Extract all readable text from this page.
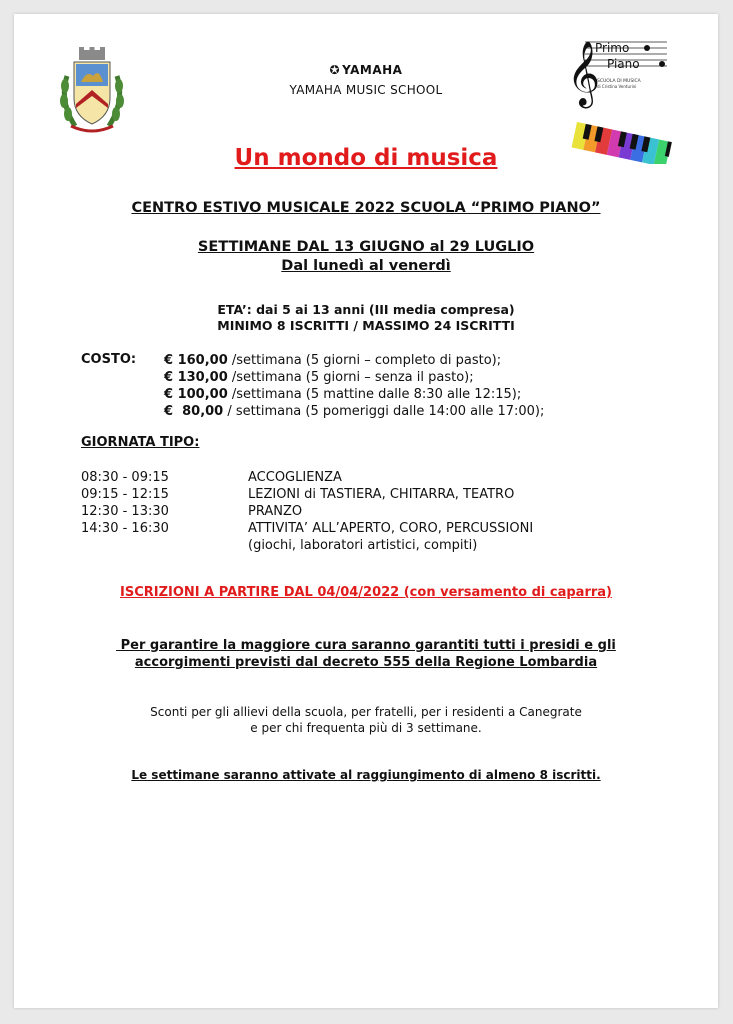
✪ YAMAHA
YAMAHA MUSIC SCHOOL	𝄞
Primo
Piano
SCUOLA DI MUSICA
di Cristina Venturini
Un mondo di musica
CENTRO ESTIVO MUSICALE 2022 SCUOLA “PRIMO PIANO”
SETTIMANE DAL 13 GIUGNO al 29 LUGLIO
Dal lunedì al venerdì
ETA’: dai 5 ai 13 anni (III media compresa)
MINIMO 8 ISCRITTI / MASSIMO 24 ISCRITTI
COSTO: € 160,00 /settimana (5 giorni – completo di pasto);
€ 130,00 /settimana (5 giorni – senza il pasto);
€ 100,00 /settimana (5 mattine dalle 8:30 alle 12:15);
€  80,00 / settimana (5 pomeriggi dalle 14:00 alle 17:00);
GIORNATA TIPO:
08:30 - 09:15	ACCOGLIENZA
09:15 - 12:15	LEZIONI di TASTIERA, CHITARRA, TEATRO
12:30 - 13:30	PRANZO
14:30 - 16:30	ATTIVITA’ ALL’APERTO, CORO, PERCUSSIONI
(giochi, laboratori artistici, compiti)
ISCRIZIONI A PARTIRE DAL 04/04/2022 (con versamento di caparra)
Per garantire la maggiore cura saranno garantiti tutti i presidi e gli
accorgimenti previsti dal decreto 555 della Regione Lombardia
Sconti per gli allievi della scuola, per fratelli, per i residenti a Canegrate
e per chi frequenta più di 3 settimane.
Le settimane saranno attivate al raggiungimento di almeno 8 iscritti.
